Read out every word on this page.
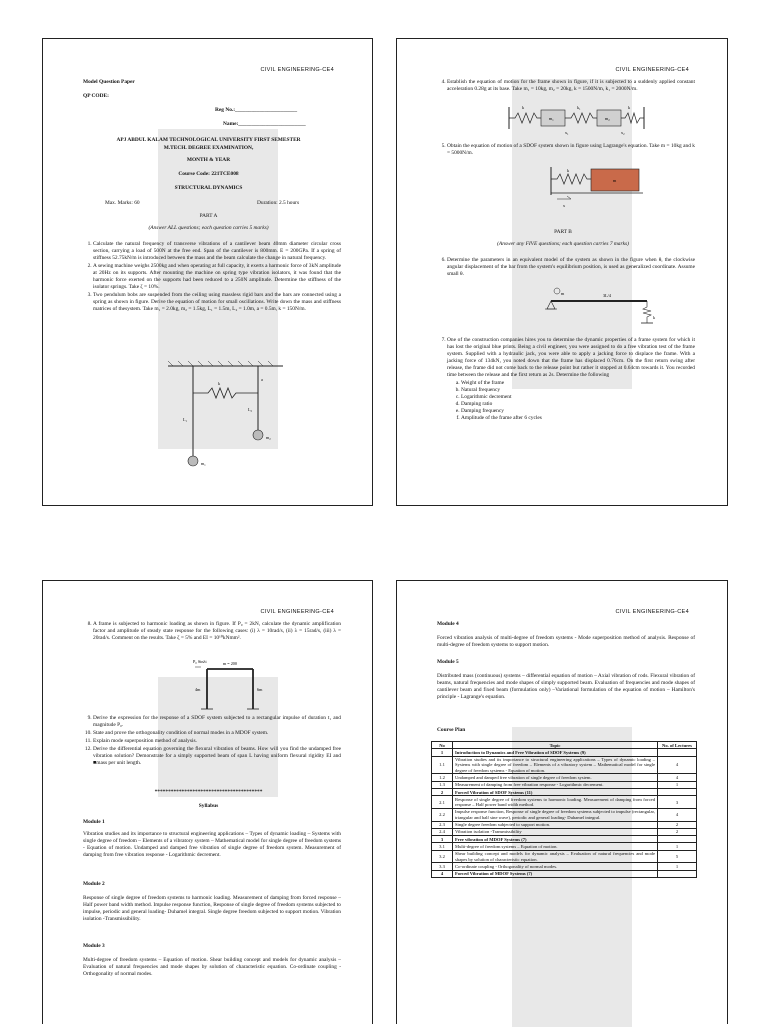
CIVIL ENGINEERING-CE4
Model Question Paper
QP CODE:
Reg No.:_______________________
Name:_________________________
APJ ABDUL KALAM TECHNOLOGICAL UNIVERSITY FIRST SEMESTER
M.TECH. DEGREE EXAMINATION,
MONTH & YEAR
Course Code: 221TCE008
STRUCTURAL DYNAMICS
Max. Marks: 60	Duration: 2.5 hours
PART A
(Answer ALL questions; each question carries 5 marks)
1. Calculate the natural frequency of transverse vibrations of a cantilever beam 40mm diameter circular cross section, carrying a load of 500N at the free end. Span of the cantilever is 800mm. E = 200GPa. If a spring of stiffness 52.75kN/m is introduced between the mass and the beam calculate the change in natural frequency.
2. A sewing machine weighs 2500kg and when operating at full capacity, it exerts a harmonic force of 3kN amplitude at 20Hz on its supports. After mounting the machine on spring type vibration isolators, it was found that the harmonic force exerted on the supports had been reduced to a 250N amplitude. Determine the stiffness of the isolator springs. Take ζ = 10%.
3. Two pendulum bobs are suspended from the ceiling using massless rigid bars and the bars are connected using a spring as shown in figure. Derive the equation of motion for small oscillations. Write down the mass and stiffness matrices of thesystem. Take m₁ = 2.0kg, m₂ = 1.5kg, L₁ = 1.5m, L₂ = 1.0m, a = 0.5m, k = 150N/m.
k
a
L₁
L₂
m₁
m₂
CIVIL ENGINEERING-CE4
4. Establish the equation of motion for the frame shown in figure, if it is subjected to a suddenly applied constant acceleration 0.28g at its base. Take m₁ = 10kg, m₂ = 20kg, k = 1500N/m, k₁ = 2000N/m.
k	k₁	k
m₁	m₂
x₁	x₂
5. Obtain the equation of motion of a SDOF system shown in figure using Lagrange's equation. Take m = 10kg and k = 5000N/m.
k
m
x
PART B
(Answer any FIVE questions; each question carries 7 marks)
6. Determine the parameters in an equivalent model of the system as shown in the figure when θ, the clockwise angular displacement of the bar from the system's equilibrium position, is used as generalized coordinate. Assume small θ.
m	3L/4
k
7. One of the construction companies hires you to determine the dynamic properties of a frame system for which it has lost the original blue prints. Being a civil engineer, you were assigned to do a free vibration test of the frame system. Supplied with a hydraulic jack, you were able to apply a jacking force to displace the frame. With a jacking force of 134kN, you noted down that the frame has displaced 0.76cm. On the first return swing after release, the frame did not come back to the release point but rather it stopped at 0.64cm towards it. You recorded time between the release and the first return as 2s. Determine the following
a. Weight of the frame
b. Natural frequency
c. Logarithmic decrement
d. Damping ratio
e. Damping frequency
f. Amplitude of the frame after 6 cycles
CIVIL ENGINEERING-CE4
8. A frame is subjected to harmonic loading as shown in figure. If P₀ = 2kN, calculate the dynamic amplification factor and amplitude of steady state response for the following cases: (i) λ = 10rad/s, (ii) λ = 15rad/s, (iii) λ = 20rad/s. Comment on the results. Take ζ = 5% and EI = 10¹⁰kNmm².
P₀ Sinλt	m = 200
4m	6m
9. Derive the expression for the response of a SDOF system subjected to a rectangular impulse of duration t₁ and magnitude P₀.
10. State and prove the orthogonality condition of normal modes in a MDOF system.
11. Explain mode superposition method of analysis.
12. Derive the differential equation governing the flexural vibration of beams. How will you find the undamped free vibration solution? Demonstrate for a simply supported beam of span L having uniform flexural rigidity EI and ■mass per unit length.
****************************************
Syllabus
Module 1
Vibration studies and its importance to structural engineering applications – Types of dynamic loading – Systems with single degree of freedom – Elements of a vibratory system – Mathematical model for single degree of freedom systems - Equation of motion. Undamped and damped free vibration of single degree of freedom system. Measurement of damping from free vibration response - Logarithmic decrement.
Module 2
Response of single degree of freedom systems to harmonic loading. Measurement of damping from forced response – Half power band width method. Impulse response function, Response of single degree of freedom systems subjected to impulse, periodic and general loading- Duhamel integral. Single degree freedom subjected to support motion. Vibration isolation -Transmissibility.
Module 3
Multi-degree of freedom systems – Equation of motion. Shear building concept and models for dynamic analysis –Evaluation of natural frequencies and mode shapes by solution of characteristic equation. Co-ordinate coupling - Orthogonality of normal modes.
CIVIL ENGINEERING-CE4
Module 4
Forced vibration analysis of multi-degree of freedom systems - Mode superposition method of analysis. Response of multi-degree of freedom systems to support motion.
Module 5
Distributed mass (continuous) systems – differential equation of motion – Axial vibration of rods. Flexural vibration of beams, natural frequencies and mode shapes of simply supported beam. Evaluation of frequencies and mode shapes of cantilever beam and fixed beam (formulation only) –Variational formulation of the equation of motion – Hamilton's principle - Lagrange's equation.
Course Plan
No	Topic	No. of Lectures
1	Introduction to Dynamics and Free Vibration of SDOF Systems (9)	
1.1	Vibration studies and its importance to structural engineering applications – Types of dynamic loading – Systems with single degree of freedom – Elements of a vibratory system – Mathematical model for single degree of freedom systems - Equation of motion.	4
1.2	Undamped and damped free vibration of single degree of freedom system.	4
1.3	Measurement of damping from free vibration response - Logarithmic decrement.	1
2	Forced Vibration of SDOF Systems (11)	
2.1	Response of single degree of freedom systems to harmonic loading. Measurement of damping from forced response – Half power band width method.	3
2.2	Impulse response function, Response of single degree of freedom systems subjected to impulse (rectangular, triangular and half sine wave), periodic and general loading- Duhamel integral.	4
2.3	Single degree freedom subjected to support motion.	2
2.4	Vibration isolation -Transmissibility	2
3	Free vibration of MDOF Systems (7)	
3.1	Multi-degree of freedom systems – Equation of motion.	1
3.2	Shear building concept and models for dynamic analysis – Evaluation of natural frequencies and mode shapes by solution of characteristic equation.	5
3.3	Co-ordinate coupling - Orthogonality of normal modes.	1
4	Forced Vibration of MDOF Systems (7)	
